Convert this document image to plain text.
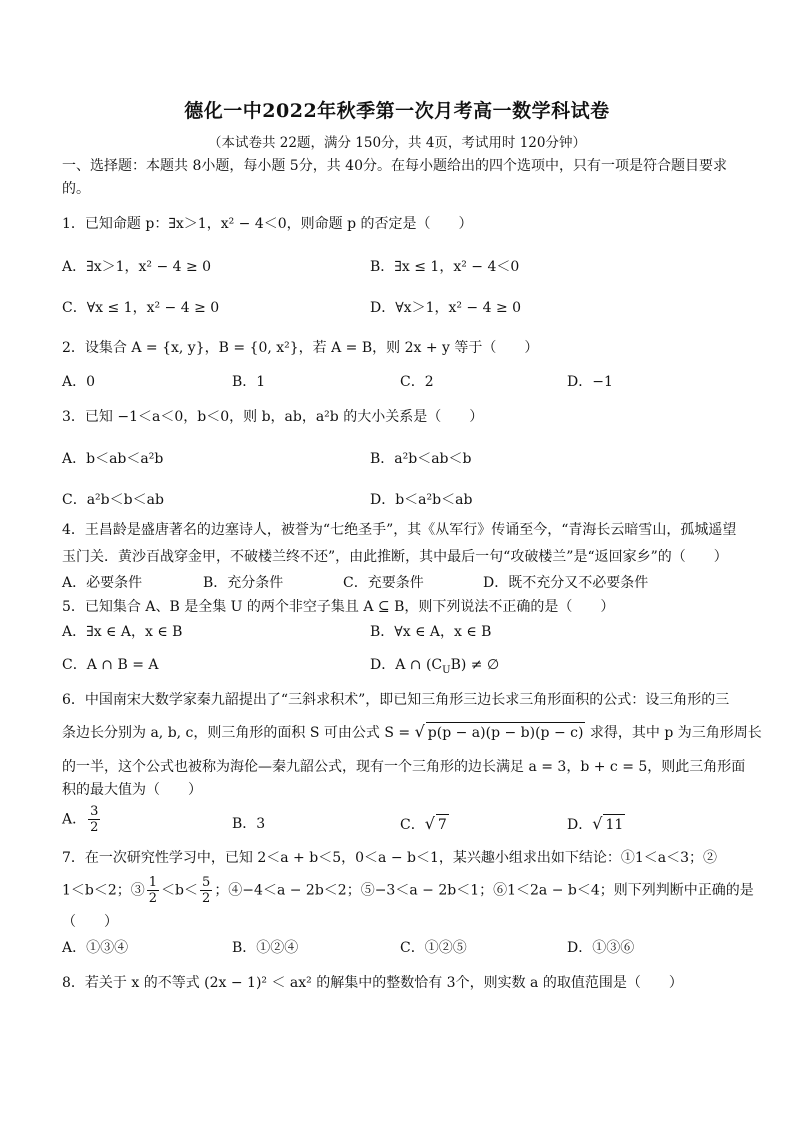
德化一中2022年秋季第一次月考高一数学科试卷
（本试卷共 22题，满分 150分，共 4页，考试用时 120分钟）
一、选择题：本题共 8小题，每小题 5分，共 40分。在每小题给出的四个选项中，只有一项是符合题目要求的。
1．已知命题 p：∃x＞1，x² − 4＜0，则命题 p 的否定是（　　）
A．∃x＞1，x² − 4 ≥ 0	B．∃x ≤ 1，x² − 4＜0
C．∀x ≤ 1，x² − 4 ≥ 0	D．∀x＞1，x² − 4 ≥ 0
2．设集合 A = {x, y}，B = {0, x²}，若 A = B，则 2x + y 等于（　　）
A．0	B．1	C．2	D．−1
3．已知 −1＜a＜0，b＜0，则 b，ab，a²b 的大小关系是（　　）
A．b＜ab＜a²b	B．a²b＜ab＜b
C．a²b＜b＜ab	D．b＜a²b＜ab
4．王昌龄是盛唐著名的边塞诗人，被誉为“七绝圣手”，其《从军行》传诵至今，“青海长云暗雪山，孤城遥望
玉门关．黄沙百战穿金甲，不破楼兰终不还”，由此推断，其中最后一句“攻破楼兰”是“返回家乡”的（　　）
A．必要条件	B．充分条件	C．充要条件	D．既不充分又不必要条件
5．已知集合 A、B 是全集 U 的两个非空子集且 A ⊆ B，则下列说法不正确的是（　　）
A．∃x ∈ A，x ∈ B	B．∀x ∈ A，x ∈ B
C．A ∩ B = A	D．A ∩ $(C_UB)$ ≠ ∅
6．中国南宋大数学家秦九韶提出了“三斜求积术”，即已知三角形三边长求三角形面积的公式：设三角形的三
条边长分别为 a, b, c，则三角形的面积 S 可由公式 S = √ p(p − a)(p − b)(p − c) 求得，其中 p 为三角形周长
的一半，这个公式也被称为海伦—秦九韶公式，现有一个三角形的边长满足 a = 3，b + c = 5，则此三角形面
积的最大值为（　　）
A． $\frac{3}{2}$	B．3	C．√ 7	D．√ 11
7．在一次研究性学习中，已知 2＜a + b＜5，0＜a − b＜1，某兴趣小组求出如下结论：①1＜a＜3；②
1＜b＜2；③ $\frac{1}{2} <b< \frac{5}{2}$ ；④−4＜a − 2b＜2；⑤−3＜a − 2b＜1；⑥1＜2a − b＜4；则下列判断中正确的是
（　　）
A．①③④	B．①②④	C．①②⑤	D．①③⑥
8．若关于 x 的不等式 (2x − 1)² ＜ ax² 的解集中的整数恰有 3个，则实数 a 的取值范围是（　　）
